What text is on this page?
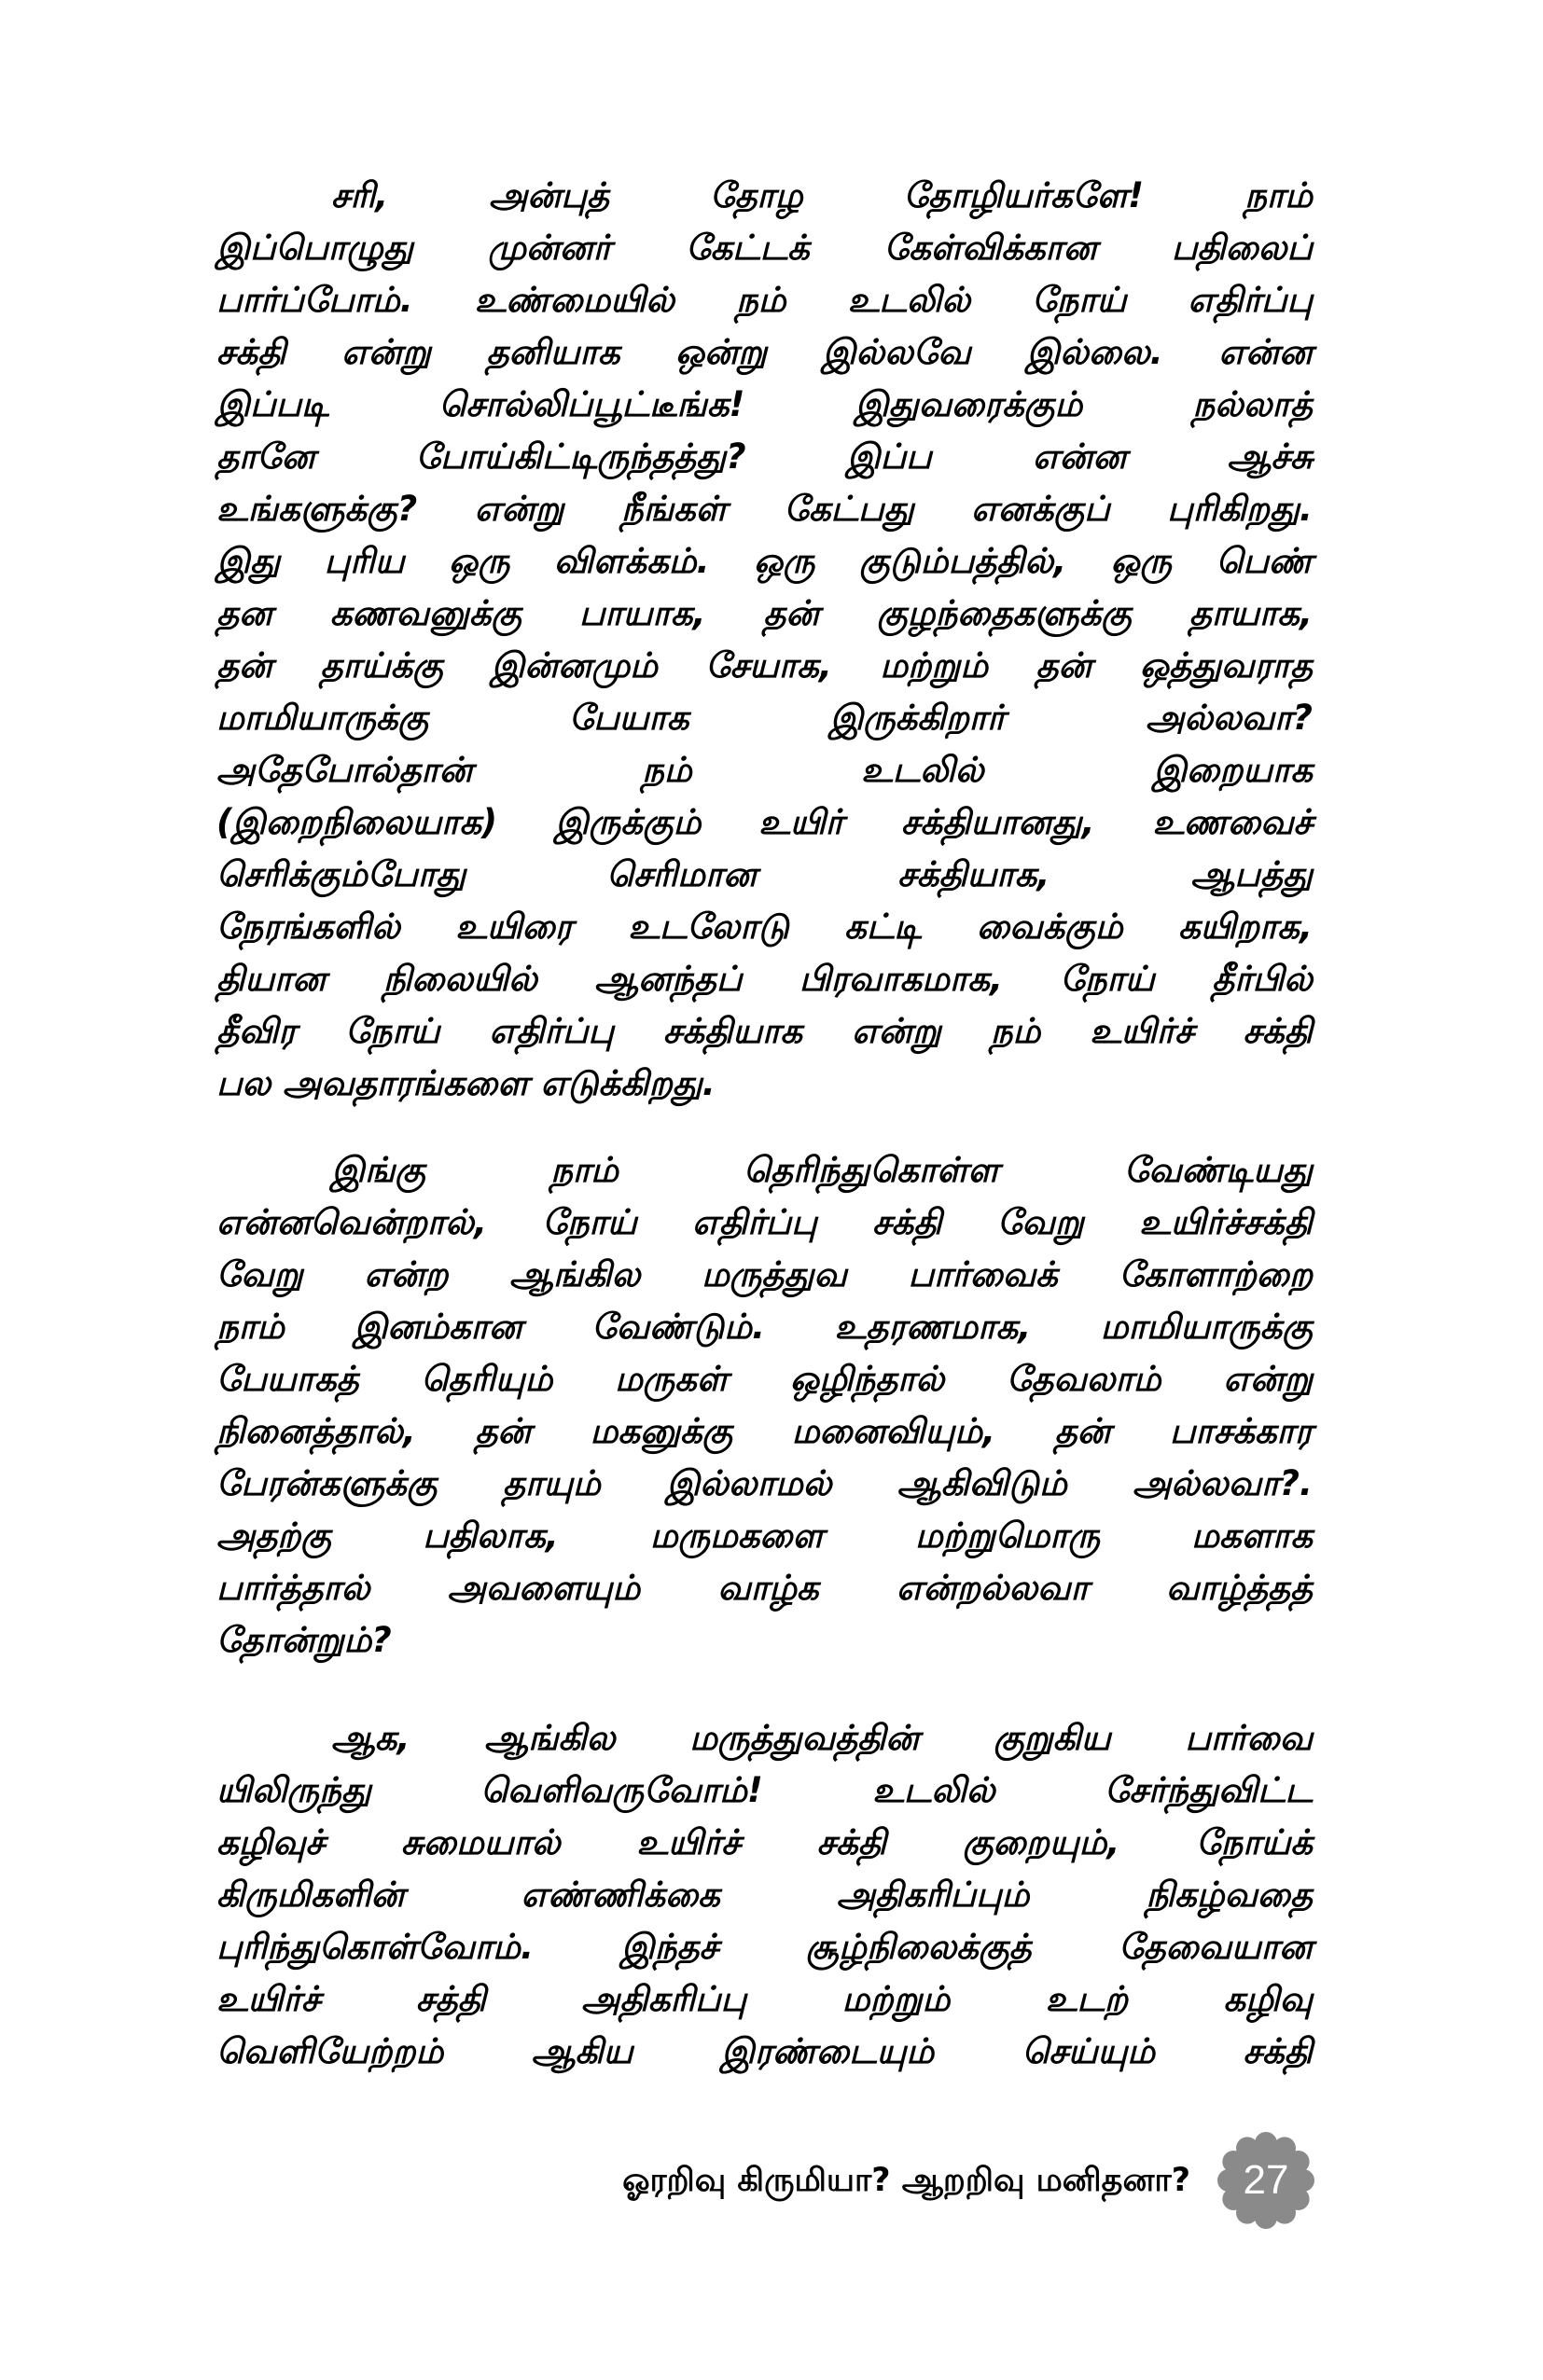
சரி, அன்புத் தோழ தோழியர்களே! நாம்
இப்பொழுது முன்னர் கேட்டக் கேள்விக்கான பதிலைப்
பார்ப்போம். உண்மையில் நம் உடலில் நோய் எதிர்ப்பு
சக்தி என்று தனியாக ஒன்று இல்லவே இல்லை. என்ன
இப்படி சொல்லிப்பூட்டீங்க! இதுவரைக்கும் நல்லாத்
தானே போய்கிட்டிருந்தத்து? இப்ப என்ன ஆச்சு
உங்களுக்கு? என்று நீங்கள் கேட்பது எனக்குப் புரிகிறது.
இது புரிய ஒரு விளக்கம். ஒரு குடும்பத்தில், ஒரு பெண்
தன கணவனுக்கு பாயாக, தன் குழந்தைகளுக்கு தாயாக,
தன் தாய்க்கு இன்னமும் சேயாக, மற்றும் தன் ஒத்துவராத
மாமியாருக்கு பேயாக இருக்கிறார் அல்லவா?
அதேபோல்தான் நம் உடலில் இறையாக
(இறைநிலையாக) இருக்கும் உயிர் சக்தியானது, உணவைச்
செரிக்கும்போது செரிமான சக்தியாக, ஆபத்து
நேரங்களில் உயிரை உடலோடு கட்டி வைக்கும் கயிறாக,
தியான நிலையில் ஆனந்தப் பிரவாகமாக, நோய் தீர்பில்
தீவிர நோய் எதிர்ப்பு சக்தியாக என்று நம் உயிர்ச் சக்தி
பல அவதாரங்களை எடுக்கிறது.
இங்கு நாம் தெரிந்துகொள்ள வேண்டியது
என்னவென்றால், நோய் எதிர்ப்பு சக்தி வேறு உயிர்ச்சக்தி
வேறு என்ற ஆங்கில மருத்துவ பார்வைக் கோளாற்றை
நாம் இனம்கான வேண்டும். உதரணமாக, மாமியாருக்கு
பேயாகத் தெரியும் மருகள் ஒழிந்தால் தேவலாம் என்று
நினைத்தால், தன் மகனுக்கு மனைவியும், தன் பாசக்கார
பேரன்களுக்கு தாயும் இல்லாமல் ஆகிவிடும் அல்லவா?.
அதற்கு பதிலாக, மருமகளை மற்றுமொரு மகளாக
பார்த்தால் அவளையும் வாழ்க என்றல்லவா வாழ்த்தத்
தோன்றும்?
ஆக, ஆங்கில மருத்துவத்தின் குறுகிய பார்வை
யிலிருந்து வெளிவருவோம்! உடலில் சேர்ந்துவிட்ட
கழிவுச் சுமையால் உயிர்ச் சக்தி குறையும், நோய்க்
கிருமிகளின் எண்ணிக்கை அதிகரிப்பும் நிகழ்வதை
புரிந்துகொள்வோம். இந்தச் சூழ்நிலைக்குத் தேவையான
உயிர்ச் சத்தி அதிகரிப்பு மற்றும் உடற் கழிவு
வெளியேற்றம் ஆகிய இரண்டையும் செய்யும் சக்தி
ஓரறிவு கிருமியா? ஆறறிவு மனிதனா?	27
